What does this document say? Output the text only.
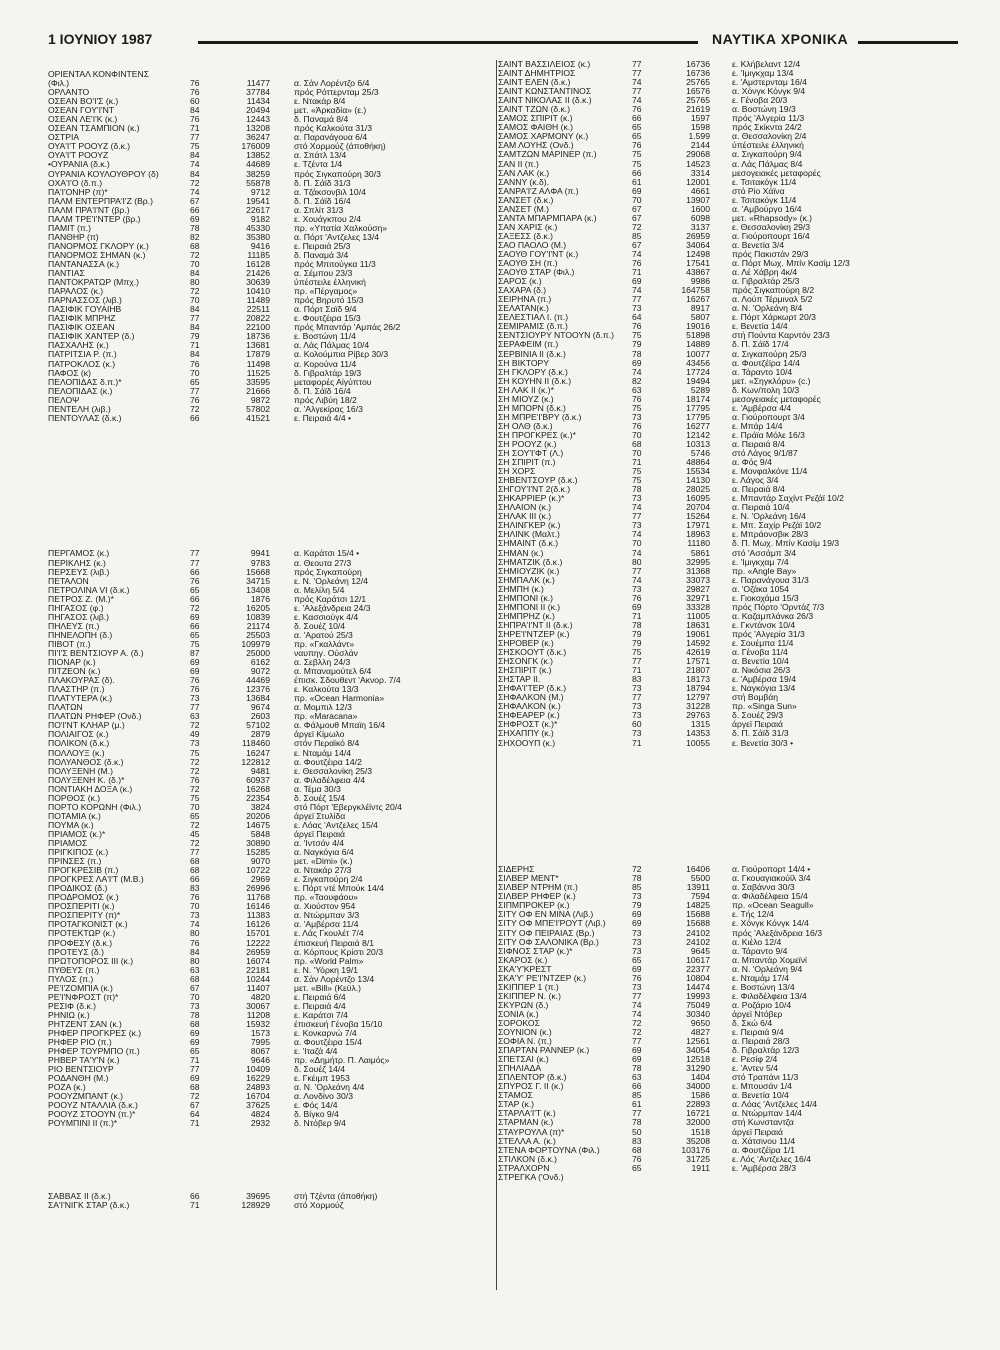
1 ΙΟΥΝΙΟΥ 1987	ΝΑΥΤΙΚΑ ΧΡΟΝΙΚΑ
ΟΡΙΕΝΤΑΛ ΚΟΝΦΙΝΤΕΝΣ
(Φιλ.)	76	11477	α. Σάν Λορέντζο 6/4
ΟΡΛΑΝΤΟ	76	37784	πρός Ρόττερνταμ 25/3
ΟΣΕΑΝ ΒΟ'Ι'Σ (κ.)	60	11434	ε. Ντακάρ 8/4
ΟΣΕΑΝ ΓΟΥ'Ι'ΝΤ	84	20494	μετ. «Άρκαδία» (ε.)
ΟΣΕΑΝ ΛΕ'Ι'Κ (κ.)	76	12443	δ. Παναμά 8/4
ΟΣΕΑΝ ΤΣΑΜΠΙΟΝ (κ.)	71	13208	πρός Καλκούτα 31/3
ΟΣΤΡΙΑ	77	36247	α. Παρανάγουα 6/4
ΟΥΑ'Ι'Τ ΡΟΟΥΖ (δ.κ.)	75	176009	στό Χορμούζ (άποθήκη)
ΟΥΑ'Ι'Τ ΡΟΟΥΖ	84	13852	α. Σπάτλ 13/4
•ΟΥΡΑΝΙΑ (δ.κ.)	74	44689	ε. Τζέντα 1/4
ΟΥΡΑΝΙΑ ΚΟΥΛΟΥΘΡΟΥ (δ)	84	38259	πρός Σιγκαπούρη 30/3
ΟΧΑ'Ι'Ο (δ.π.)	72	55878	δ. Π. Σάϊδ 31/3
ΠΑ'Ι'ΟΝΗΡ (π)*	74	9712	α. Τζάκσονβιλ 10/4
ΠΑΛΜ ΕΝΤΕΡΠΡΑ'Ι'Ζ (Βρ.)	67	19541	δ. Π. Σάϊδ 16/4
ΠΑΛΜ ΠΡΑ'Ι'ΝΤ (βρ.)	66	22617	α. Σπλίτ 31/3
ΠΑΛΜ ΤΡΕ'Ι'ΝΤΕΡ (βρ.)	69	9182	ε. Χουάγκπου 2/4
ΠΑΜΙΤ (π.)	78	45330	πρ. «Υπατία Χαλκούση»
ΠΑΝΘΗΡ (π)	82	35380	α. Πόρτ 'Αντζελες 13/4
ΠΑΝΟΡΜΟΣ ΓΚΛΟΡΥ (κ.)	68	9416	ε. Πειραιά 25/3
ΠΑΝΟΡΜΟΣ ΣΗΜΑΝ (κ.)	72	11185	δ. Παναμά 3/4
ΠΑΝΤΑΝΑΣΣΑ (κ.)	70	16128	πρός Μπιτούγκα 11/3
ΠΑΝΤΙΑΣ	84	21426	α. Σέμπου 23/3
ΠΑΝΤΟΚΡΑΤΩΡ (Μπχ.)	80	30639	ύπέστειλε έλληνική
ΠΑΡΑΛΟΣ (κ.)	72	10410	πρ. «Πέργαμος»
ΠΑΡΝΑΣΣΟΣ (λιβ.)	70	11489	πρός Βηρυτό 15/3
ΠΑΣΙΦΙΚ ΓΟΥΑΙΗΒ	84	22511	α. Πόρτ Σαϊδ 9/4
ΠΑΣΙΦΙΚ ΜΠΡΗΖ	77	20822	ε. Φουτζέιρα 15/3
ΠΑΣΙΦΙΚ ΟΣΕΑΝ	84	22100	πρός Μπαντάρ 'Αμπάς 26/2
ΠΑΣΙΦΙΚ ΧΑΝΤΕΡ (δ.)	79	18736	ε. Βοστώνη 11/4
ΠΑΣΧΑΛΗΣ (κ.)	71	13681	α. Λάς Πάλμας 10/4
ΠΑΤΡΙΤΣΙΑ Ρ. (π.)	84	17879	α. Κολούμπια Ρίβερ 30/3
ΠΑΤΡΟΚΛΟΣ (κ.)	76	11498	α. Κορούνα 11/4
ΠΑΦΟΣ (κ)	70	11525	δ. Γιβραλτάρ 19/3
ΠΕΛΟΠΙΔΑΣ δ.π.)*	65	33595	μεταφορές Αίγύπτου
ΠΕΛΟΠΙΔΑΣ (κ.)	77	21666	δ. Π. Σάϊδ 16/4
ΠΕΛΟΨ	76	9872	πρός Λιβύη 18/2
ΠΕΝΤΕΛΗ (λιβ.)	72	57802	α. 'Αλγεκίρας 16/3
ΠΕΝΤΟΥΛΑΣ (δ.κ.)	66	41521	ε. Πειραιά 4/4 •
ΠΕΡΓΑΜΟΣ (κ.)	77	9941	α. Καράτσι 15/4 •
ΠΕΡΙΚΛΗΣ (κ.)	77	9783	α. Θεουτα 27/3
ΠΕΡΣΕΥΣ (λιβ.)	66	15668	πρός Σιγκαπούρη
ΠΕΤΑΛΟΝ	76	34715	ε. Ν. 'Ορλεάνη 12/4
ΠΕΤΡΟΛΙΝΑ VI (δ.κ.)	65	13408	α. Μελίλη 5/4
ΠΕΤΡΟΣ Ζ. (Μ.)*	66	1876	πρός Καράτσι 12/1
ΠΗΓΑΣΟΣ (φ.)	72	16205	ε. 'Αλεξάνδρεια 24/3
ΠΗΓΑΣΟΣ (λιβ.)	69	10839	ε. Κασσιούγκ 4/4
ΠΗΛΕΥΣ (π.)	66	21174	δ. Σουέζ 10/4
ΠΗΝΕΛΟΠΗ (δ.)	65	25503	α. 'Αρατού 25/3
ΠΙΒΟΤ (π.)	75	109979	πρ. «Γκαλλάντ»
ΠΙ'Ι'Σ ΒΕΝΤΣΙΟΥΡ Α. (δ.)	87	25000	ναυπηγ. Ούσλάν
ΠΙΟΝΑΡ (κ.)	69	6162	α. Σεβλλη 24/3
ΠΙΤΖΕΟΝ (κ.)	69	9072	α. Μπαναμούτελ 6/4
ΠΛΑΚΟΥΡΑΣ (δ).	76	44469	έπισκ. Σδουθεντ 'Ακνορ. 7/4
ΠΛΑΣΤΗΡ (π.)	76	12376	ε. Καλκούτα 13/3
ΠΛΑΤΥΤΕΡΑ (κ.)	73	13684	πρ. «Ocean Harmonia»
ΠΛΑΤΩΝ	77	9674	α. Μομπιλ 12/3
ΠΛΑΤΩΝ ΡΗΦΕΡ (Ονδ.)	63	2603	πρ. «Maracana»
ΠΟ'Ι'ΝΤ ΚΛΗΑΡ (μ.)	72	57102	α. Φάλμουθ Μπαϊη 16/4
ΠΟΛΙΑΙΓΟΣ (κ.)	49	2879	άργεϊ Κίμωλο
ΠΟΛΙΚΟΝ (δ.κ.)	73	118460	στόν Περαϊκό 8/4
ΠΟΛΛΟΥΞ (κ.)	75	16247	ε. Νταμάμ 14/4
ΠΟΛΥΑΝΘΟΣ (δ.κ.)	72	122812	α. Φουτζέιρα 14/2
ΠΟΛΥΞΕΝΗ (Μ.)	72	9481	ε. Θεσσαλονίκη 25/3
ΠΟΛΥΞΕΝΗ Κ. (δ.)*	76	60937	α. Φιλαδέλφεια 4/4
ΠΟΝΤΙΑΚΗ ΔΟΞΑ (κ.)	72	16268	α. Τέμα 30/3
ΠΟΡΘΟΣ (κ.)	75	22354	δ. Σουέζ 15/4
ΠΟΡΤΟ ΚΟΡΩΝΗ (Φιλ.)	70	3824	στό Πόρτ 'Εβεργκλέϊντς 20/4
ΠΟΤΑΜΙΑ (κ.)	65	20206	άργεϊ Στυλίδα
ΠΟΥΜΑ (κ.)	72	14675	ε. Λόας 'Αντζελες 15/4
ΠΡΙΑΜΟΣ (κ.)*	45	5848	άργεϊ Πειραιά
ΠΡΙΑΜΟΣ	72	30890	α. 'Ιντσόν 4/4
ΠΡΙΓΚΙΠΟΣ (κ.)	77	15285	α. Ναγκόγια 6/4
ΠΡΙΝΣΕΣ (π.)	68	9070	μετ. «Dimi» (κ.)
ΠΡΟΓΚΡΕΣΙΒ (π.)	68	10722	α. Ντακάρ 27/3
ΠΡΟΓΚΡΕΣ ΛΑ'Ι'Τ (Μ.Β.)	66	2969	ε. Σιγκαπούρη 2/4
ΠΡΟΔΙΚΟΣ (δ.)	83	26996	ε. Πόρτ ντέ Μπούκ 14/4
ΠΡΟΔΡΟΜΟΣ (κ.)	76	11768	πρ. «Ταουφάου»
ΠΡΟΣΠΕΡΙΤΙ (κ.)	70	16146	α. Χιούστον 954
ΠΡΟΣΠΕΡΙΤΥ (π)*	73	11383	α. Ντώρμπαν 3/3
ΠΡΟΤΑΓΚΟΝΙΣΤ (κ.)	74	16126	α. 'Αμβέρσα 11/4
ΠΡΟΤΕΚΤΩΡ (κ.)	80	15701	ε. Λάς Γκουλέτ 7/4
ΠΡΟΦΕΣΥ (δ.κ.)	76	12222	έπισκευή Πειραιά 8/1
ΠΡΟΤΕΥΣ (δ.)	84	26959	α. Κόρπους Κρίστι 20/3
ΠΡΩΤΟΠΟΡΟΣ III (κ.)	80	16074	πρ. «World Palm»
ΠΥΘΕΥΣ (π.)	63	22181	ε. Ν. 'Υόρκη 19/1
ΠΥΛΟΣ (π.)	68	10244	α. Σάν Λορέντζο 13/4
ΡΕ'Ι'ΖΟΜΠΙΑ (κ.)	67	11407	μετ. «Bill» (Κεϋλ.)
ΡΕ'Ι'ΝΦΡΟΣΤ (π)*	70	4820	ε. Πειραιά 6/4
ΡΕΣΙΦ (δ.κ.)	73	30067	ε. Πειραιά 4/4
ΡΗΝΙΩ (κ.)	78	11208	ε. Καράτσι 7/4
ΡΗΤΖΕΝΤ ΣΑΝ (κ.)	68	15932	έπισκευή Γένοβα 15/10
ΡΗΦΕΡ ΠΡΟΓΚΡΕΣ (κ.)	69	1573	ε. Κονκαρνώ 7/4
ΡΗΦΕΡ ΡΙΟ (π.)	69	7995	α. Φουτζέιρα 15/4
ΡΗΦΕΡ ΤΟΥΡΜΠΟ (π.)	65	8067	ε. 'Ιταζά 4/4
ΡΗΒΕΡ ΤΑ'Υ'Ν (κ.)	71	9646	πρ. «Δημήτρ. Π. Λαιμός»
ΡΙΟ ΒΕΝΤΣΙΟΥΡ	77	10409	δ. Σουέζ 14/4
ΡΟΔΑΝΘΗ (Μ.)	69	16229	ε. Γκέιμπ 1953
ΡΟΖΑ (κ.)	68	24893	α. Ν. 'Ορλεάνη 4/4
ΡΟΟΥΖΜΠΑΝΤ (κ.)	72	16704	α. Λονδίνο 30/3
ΡΟΟΥΖ ΝΤΑΛΛΙΑ (δ.κ.)	67	37625	ε. Φός 14/4
ΡΟΟΥΖ ΣΤΟΟΥΝ (π.)*	64	4824	δ. Βίγκο 9/4
ΡΟΥΜΠΙΝΙ ΙΙ (π.)*	71	2932	δ. Ντόβερ 9/4
ΣΑΒΒΑΣ II (δ.κ.)	66	39695	στή Τζέντα (άποθήκη)
ΣΑ'Ι'ΝΙΓΚ ΣΤΑΡ (δ.κ.)	71	128929	στό Χορμούζ
ΣΑΙΝΤ ΒΑΣΣΙΛΕΙΟΣ (κ.)	77	16736	ε. Κλήβελαντ 12/4
ΣΑΙΝΤ ΔΗΜΗΤΡΙΟΣ	77	16736	ε. 'Ιμιγκχαμ 13/4
ΣΑΙΝΤ ΕΛΕΝ (δ.κ.)	74	25765	ε. 'Αμστερνταμ 16/4
ΣΑΙΝΤ ΚΩΝΣΤΑΝΤΙΝΟΣ	77	16576	α. Χόνγκ Κόνγκ 9/4
ΣΑΙΝΤ ΝΙΚΟΛΑΣ ΙΙ (δ.κ.)	74	25765	ε. Γένοβα 20/3
ΣΑΙΝΤ ΤΖΩΝ (δ.κ.)	76	21619	α. Βοστώνη 19/3
ΣΑΜΟΣ ΣΠΙΡΙΤ (κ.)	66	1597	πρός 'Αλγερία 11/3
ΣΑΜΟΣ ΦΑΙΘΗ (κ.)	65	1598	πρός Σκίκντα 24/2
ΣΑΜΟΣ ΧΑΡΜΟΝΥ (κ.)	65	1.599	α. Θεσσαλονίκη 2/4
ΣΑΜ ΛΟΥΗΣ (Ονδ.)	76	2144	ύπέστειλε έλληνική
ΣΑΜΤΖΩΝ ΜΑΡΙΝΕΡ (π.)	75	29068	α. Σιγκαπούρη 9/4
ΣΑΝ ΙΙ (π.)	75	14523	α. Λάς Πάλμας 8/4
ΣΑΝ ΛΑΚ (κ.)	66	3314	μεσογειακές μεταφορές
ΣΑΝΝΥ (κ.δ).	61	12001	ε. Τσιτακόγκ 11/4
ΣΑΝΡΑ'Ι'Ζ ΑΛΦΑ (π.)	69	4661	στό Ρίο Χάϊνα
ΣΑΝΣΕΤ (δ.κ.)	70	13907	ε. Τσιτακόγκ 11/4
ΣΑΝΣΕΤ (Μ.)	67	1600	α. 'Αμβούργο 16/4
ΣΑΝΤΑ ΜΠΑΡΜΠΑΡΑ (κ.)	67	6098	μετ. «Rhapsody» (κ.)
ΣΑΝ ΧΑΡΙΣ (κ.)	72	3137	ε. Θεσσαλονίκη 29/3
ΣΑΞΕΣΣ (δ.κ.)	85	26959	α. Γιούροπουρτ 16/4
ΣΑΟ ΠΑΟΛΟ (Μ.)	67	34064	α. Βενετία 3/4
ΣΑΟΥΘ ΓΟΥ'Ι'ΝΤ (κ.)	74	12498	πρός Πακιστάν 29/3
ΣΑΟΥΘ ΣΗ (π.)	76	17541	α. Πόρτ Μωχ. Μπίν Κασίμ 12/3
ΣΑΟΥΘ ΣΤΑΡ (Φιλ.)	71	43867	α. Λέ Χάβρη 4κ/4
ΣΑΡΟΣ (κ.)	69	9986	α. Γιβραλτάρ 25/3
ΣΑΧΑΡΑ (δ.)	74	164758	πρός Σιγκαπούρη 8/2
ΣΕΙΡΗΝΑ (π.)	77	16267	α. Λούπ Τέρμιναλ 5/2
ΣΕΛΑΤΑΝ(κ.)	73	8917	α. Ν. 'Ορλεάνη 8/4
ΣΕΛΕΣΤΙΑΛ Ι. (π.)	64	5807	ε. Πόρτ Χάρκωρτ 20/3
ΣΕΜΙΡΑΜΙΣ (δ.π.)	76	19016	ε. Βενετία 14/4
ΣΕΝΤΣΙΟΥΡΥ ΝΤΟΟΥΝ (δ.π.)	75	51898	στή Πούντα Καρντόν 23/3
ΣΕΡΑΦΕΙΜ (π.)	79	14889	δ. Π. Σάϊδ 17/4
ΣΕΡΒΙΝΙΑ ΙΙ (δ.κ.)	78	10077	α. Σιγκαπούρη 25/3
ΣΗ ΒΙΚΤΟΡΥ	69	43456	α. Φουτζέϊρα 14/4
ΣΗ ΓΚΛΟΡΥ (δ.κ.)	74	17724	α. Τάραντο 10/4
ΣΗ ΚΟΥΗΝ ΙΙ (δ.κ.)	82	19494	μετ. «Σηγκλόρυ» (c.)
ΣΗ ΛΑΚ ΙΙ (κ.)*	63	5289	δ. Κων/πολη 10/3
ΣΗ ΜΙΟΥΖ (κ.)	76	18174	μεσογειακές μεταφορές
ΣΗ ΜΠΟΡΝ (δ.κ.)	75	17795	ε. 'Αμβέρσα 4/4
ΣΗ ΜΠΡΕ'Ι'ΒΡΥ (δ.κ.)	73	17795	α. Γιούροπουρτ 3/4
ΣΗ ΟΛΘ (δ.κ.)	76	16277	ε. Μπάρ 14/4
ΣΗ ΠΡΟΓΚΡΕΣ (κ.)*	70	12142	ε. Πράϊα Μόλε 16/3
ΣΗ ΡΟΟΥΖ (κ.)	68	10313	α. Πειραιά 8/4
ΣΗ ΣΟΥ'Ι'ΦΤ (Λ.)	70	5746	στό Λάγος 9/1/87
ΣΗ ΣΠΙΡΙΤ (π.)	71	48864	α. Φός 9/4
ΣΗ ΧΟΡΣ	75	15534	ε. Μονφαλκόνε 11/4
ΣΗΒΕΝΤΣΟΥΡ (δ.κ.)	75	14130	ε. Λάγος 3/4
ΣΗΓΟΥ'Ι'ΝΤ 2(δ.κ.)	78	28025	α. Πειραιά 8/4
ΣΗΚΑΡΡΙΕΡ (κ.)*	73	16095	ε. Μπαντάρ Σαχίντ Ρεζάϊ 10/2
ΣΗΛΑΙΟΝ (κ.)	74	20704	α. Πειραιά 10/4
ΣΗΛΑΚ ΙΙΙ (κ.)	77	15264	ε. Ν. 'Ορλεάνη 16/4
ΣΗΛΙΝΓΚΕΡ (κ.)	73	17971	ε. Μπ. Σαχίρ Ρεζάϊ 10/2
ΣΗΛΙΝΚ (Μαλτ.)	74	18963	ε. Μπράονσβικ 28/3
ΣΗΜΑΙΝΤ (δ.κ.)	70	11180	δ. Π. Μωχ. Μπίν Κασίμ 19/3
ΣΗΜΑΝ (κ.)	74	5861	στό 'Ασσάμπ 3/4
ΣΗΜΑΤΖΙΚ (δ.κ.)	80	32995	ε. 'Ιμιγκχαμ 7/4
ΣΗΜΙΟΥΖΙΚ (κ.)	77	31368	πρ. «Angle Bay»
ΣΗΜΠΑΛΚ (κ.)	74	33073	ε. Παρανάγουα 31/3
ΣΗΜΠΗ (κ.)	73	29827	α. 'Οζάκα 1054
ΣΗΜΠΟΝΙ (κ.)	76	32971	ε. Γιοκοχάμα 15/3
ΣΗΜΠΟΝΙ ΙΙ (κ.)	69	33328	πρός Πόρτο 'Ορντάζ 7/3
ΣΗΜΠΡΗΖ (κ.)	71	11005	α. Καζαμπλάνκα 26/3
ΣΗΠΡΑ'Ι'ΝΤ ΙΙ (δ.κ.)	78	18631	ε. Γκντάνσκ 10/4
ΣΗΡΕ'Ι'ΝΤΖΕΡ (κ.)	79	19061	πρός 'Αλγερία 31/3
ΣΗΡΟΒΕΡ (κ.)	79	14592	ε. Σουέμπα 11/4
ΣΗΣΚΟΟΥΤ (δ.κ.)	75	42619	α. Γένοβα 11/4
ΣΗΣΟΝΓΚ (κ.)	77	17571	α. Βενετία 10/4
ΣΗΣΠΙΡΙΤ (κ.)	71	21807	α. Νικόσια 26/3
ΣΗΣΤΑΡ ΙΙ.	83	18173	ε. 'Αμβέρσα 19/4
ΣΗΦΑ'Ι'ΤΕΡ (δ.κ.)	73	18794	ε. Ναγκόγια 13/4
ΣΗΦΑΛΚΟΝ (Μ.)	77	12797	στή Βομβάη
ΣΗΦΑΛΚΟΝ (κ.)	73	31228	πρ. «Singa Sun»
ΣΗΦΕΑΡΕΡ (κ.)	73	29763	δ. Σουέζ 29/3
ΣΗΦΡΟΣΤ (κ.)*	60	1315	άργεϊ Πειραιά
ΣΗΧΑΠΠΥ (κ.)	73	14353	δ. Π. Σάϊδ 31/3
ΣΗΧΟΟΥΠ (κ.)	71	10055	ε. Βενετία 30/3 •
ΣΙΔΕΡΗΣ	72	16406	α. Γιούροπορτ 14/4 •
ΣΙΛΒΕΡ ΜΕΝΤ*	78	5500	α. Γκουαγιακούϊλ 3/4
ΣΙΛΒΕΡ ΝΤΡΗΜ (π.)	85	13911	α. Σαβάννα 30/3
ΣΙΛΒΕΡ ΡΗΦΕΡ (κ.)	73	7594	α. Φιλαδέλφεια 15/4
ΣΙΠΜΠΡΟΚΕΡ (κ.)	79	14825	πρ. «Ocean Seagull»
ΣΙΤΥ ΟΦ ΕΝ ΜΙΝΑ (Λιβ.)	69	15688	ε. Τής 12/4
ΣΙΤΥ ΟΦ ΜΠΕ'Ι'ΡΟΥΤ (Λιβ.)	69	15688	ε. Χόνγκ Κόνγκ 14/4
ΣΙΤΥ ΟΦ ΠΕΙΡΑΙΑΣ (Βρ.)	73	24102	πρός 'Αλεξάνδρεια 16/3
ΣΙΤΥ ΟΦ ΣΑΛΟΝΙΚΑ (Βρ.)	73	24102	α. Κιέλο 12/4
ΣΙΦΝΟΣ ΣΤΑΡ (κ.)*	73	9645	α. Τάραντο 9/4
ΣΚΑΡΟΣ (κ.)	65	10617	α. Μπαντάρ Χομεϊνί
ΣΚΑ'Υ'ΚΡΕΣΤ	69	22377	α. Ν. 'Ορλεάνη 9/4
ΣΚΑ'Υ' ΡΕ'Ι'ΝΤΖΕΡ (κ.)	76	10804	ε. Νταμάμ 17/4
ΣΚΙΠΠΕΡ 1 (π.)	73	14474	ε. Βοστώνη 13/4
ΣΚΙΠΠΕΡ Ν. (κ.)	77	19993	ε. Φιλαδέλφεια 13/4
ΣΚΥΡΩΝ (δ.)	74	75049	α. Ροζάριο 10/4
ΣΟΝΙΑ (κ.)	74	30340	άργεϊ Ντόβερ
ΣΟΡΟΚΟΣ	72	9650	δ. Σκώ 6/4
ΣΟΥΝΙΟΝ (κ.)	72	4827	ε. Πειραιά 9/4
ΣΟΦΙΑ Ν. (π.)	77	12561	α. Πειραιά 28/3
ΣΠΑΡΤΑΝ ΡΑΝΝΕΡ (κ.)	69	34054	δ. Γιβραλτάρ 12/3
ΣΠΕΤΣΑΙ (κ.)	69	12518	ε. Ρεσίφ 2/4
ΣΠΗΛΙΑΔΑ	78	31290	ε. 'Αντεν 5/4
ΣΠΛΕΝΤΟΡ (δ.κ.)	63	1404	στό Τραπάνι 11/3
ΣΠΥΡΟΣ Γ. ΙΙ (κ.)	66	34000	ε. Μπουσάν 1/4
ΣΤΑΜΟΣ	85	1586	α. Βενετία 10/4
ΣΤΑΡ (κ.)	61	22893	α. Λόας 'Αντζελες 14/4
ΣΤΑΡΛΑ'Ι'Τ (κ.)	77	16721	α. Ντώρμπαν 14/4
ΣΤΑΡΜΑΝ (κ.)	78	32000	στή Κωνσταντζα
ΣΤΑΥΡΟΥΛΑ (π)*	50	1518	άργεϊ Πειραιά
ΣΤΕΛΛΑ Α. (κ.)	83	35208	α. Χάτσινου 11/4
ΣΤΕΝΑ ΦΟΡΤΟΥΝΑ (Φιλ.)	68	103176	α. Φουτζέϊρα 1/1
ΣΤΙΛΚΟΝ (δ.κ.)	76	31725	ε. Λός 'Αντζελες 16/4
ΣΤΡΑΛΧΟΡΝ	65	1911	ε. 'Αμβέρσα 28/3
ΣΤΡΕΓΚΑ ('Ονδ.)
